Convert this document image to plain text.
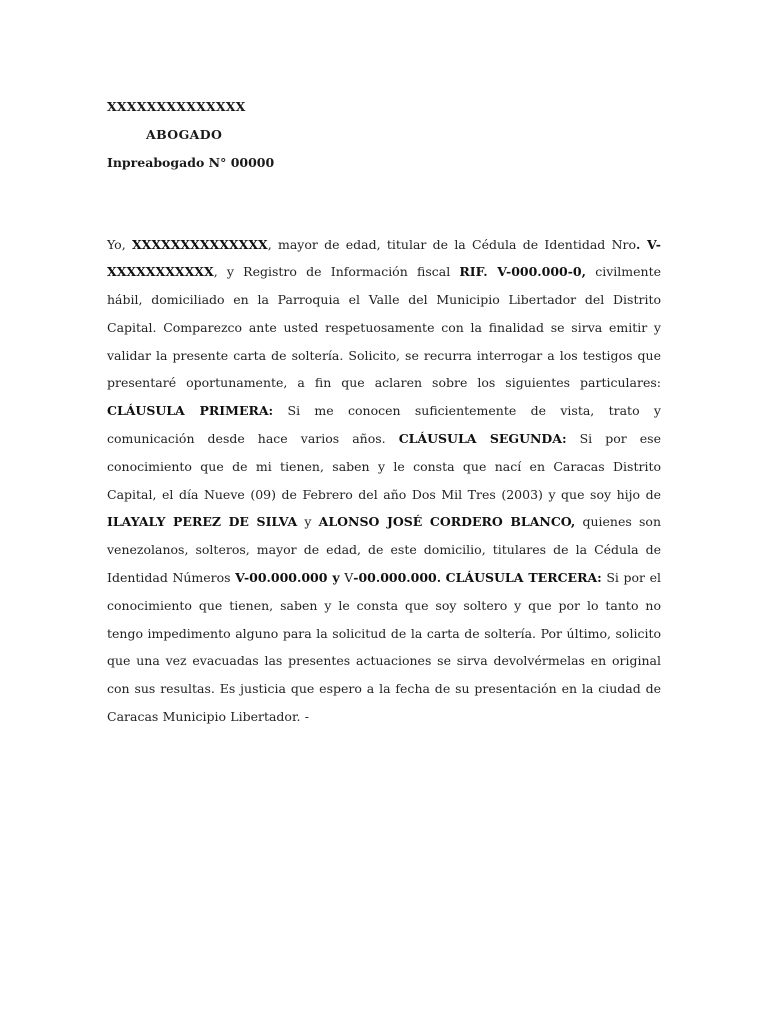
XXXXXXXXXXXXXX
ABOGADO
Inpreabogado N° 00000

Yo, XXXXXXXXXXXXXX, mayor de edad, titular de la Cédula de Identidad Nro. V-XXXXXXXXXXX, y Registro de Información fiscal RIF. V-000.000-0, civilmente hábil, domiciliado en la Parroquia el Valle del Municipio Libertador del Distrito Capital. Comparezco ante usted respetuosamente con la finalidad se sirva emitir y validar la presente carta de soltería. Solicito, se recurra interrogar a los testigos que presentaré oportunamente, a fin que aclaren sobre los siguientes particulares: CLÁUSULA PRIMERA: Si me conocen suficientemente de vista, trato y comunicación desde hace varios años. CLÁUSULA SEGUNDA: Si por ese conocimiento que de mi tienen, saben y le consta que nací en Caracas Distrito Capital, el día Nueve (09) de Febrero del año Dos Mil Tres (2003) y que soy hijo de ILAYALY PEREZ DE SILVA y ALONSO JOSÉ CORDERO BLANCO, quienes son venezolanos, solteros, mayor de edad, de este domicilio, titulares de la Cédula de Identidad Números V-00.000.000 y V-00.000.000. CLÁUSULA TERCERA: Si por el conocimiento que tienen, saben y le consta que soy soltero y que por lo tanto no tengo impedimento alguno para la solicitud de la carta de soltería. Por último, solicito que una vez evacuadas las presentes actuaciones se sirva devolvérmelas en original con sus resultas. Es justicia que espero a la fecha de su presentación en la ciudad de Caracas Municipio Libertador. -
